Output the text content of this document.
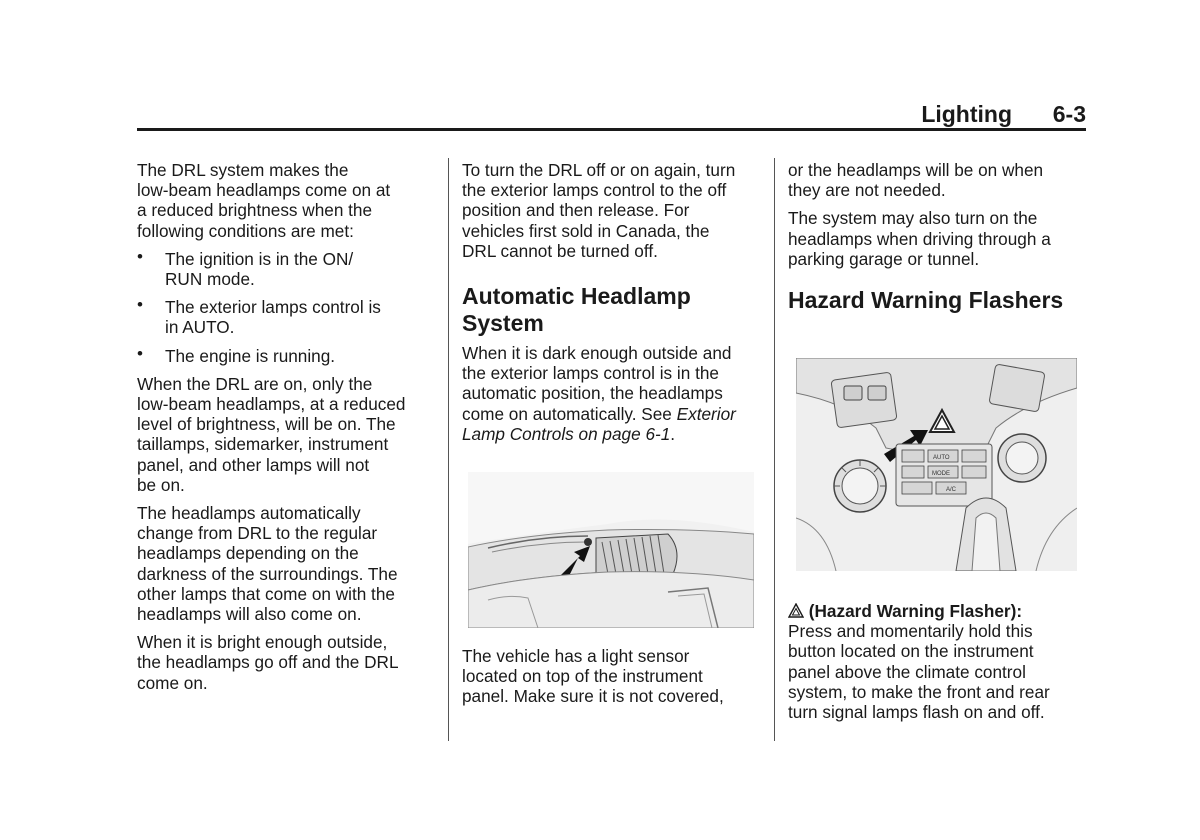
Lighting 6-3

The DRL system makes the
low-beam headlamps come on at
a reduced brightness when the
following conditions are met:

• The ignition is in the ON/
RUN mode.
• The exterior lamps control is
in AUTO.
• The engine is running.

When the DRL are on, only the
low-beam headlamps, at a reduced
level of brightness, will be on. The
taillamps, sidemarker, instrument
panel, and other lamps will not
be on.

The headlamps automatically
change from DRL to the regular
headlamps depending on the
darkness of the surroundings. The
other lamps that come on with the
headlamps will also come on.

When it is bright enough outside,
the headlamps go off and the DRL
come on.

To turn the DRL off or on again, turn
the exterior lamps control to the off
position and then release. For
vehicles first sold in Canada, the
DRL cannot be turned off.

Automatic Headlamp
System

When it is dark enough outside and
the exterior lamps control is in the
automatic position, the headlamps
come on automatically. See Exterior
Lamp Controls on page 6-1.

The vehicle has a light sensor
located on top of the instrument
panel. Make sure it is not covered,

or the headlamps will be on when
they are not needed.

The system may also turn on the
headlamps when driving through a
parking garage or tunnel.

Hazard Warning Flashers
AUTO
MODE
A/C

(Hazard Warning Flasher):
Press and momentarily hold this
button located on the instrument
panel above the climate control
system, to make the front and rear
turn signal lamps flash on and off.
